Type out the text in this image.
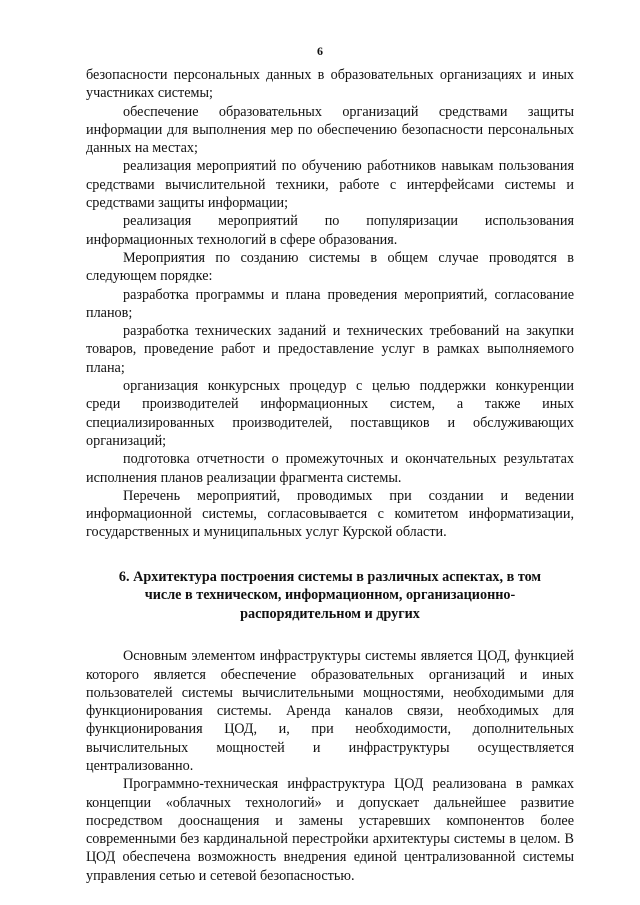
6

безопасности персональных данных в образовательных организациях и иных участниках системы;

обеспечение образовательных организаций средствами защиты информации для выполнения мер по обеспечению безопасности персональных данных на местах;

реализация мероприятий по обучению работников навыкам пользования средствами вычислительной техники, работе с интерфейсами системы и средствами защиты информации;

реализация мероприятий по популяризации использования информационных технологий в сфере образования.

Мероприятия по созданию системы в общем случае проводятся в следующем порядке:

разработка программы и плана проведения мероприятий, согласование планов;

разработка технических заданий и технических требований на закупки товаров, проведение работ и предоставление услуг в рамках выполняемого плана;

организация конкурсных процедур с целью поддержки конкуренции среди производителей информационных систем, а также иных специализированных производителей, поставщиков и обслуживающих организаций;

подготовка отчетности о промежуточных и окончательных результатах исполнения планов реализации фрагмента системы.

Перечень мероприятий, проводимых при создании и ведении информационной системы, согласовывается с комитетом информатизации, государственных и муниципальных услуг Курской области.

6. Архитектура построения системы в различных аспектах, в том
числе в техническом, информационном, организационно-
распорядительном и других

Основным элементом инфраструктуры системы является ЦОД, функцией которого является обеспечение образовательных организаций и иных пользователей системы вычислительными мощностями, необходимыми для функционирования системы. Аренда каналов связи, необходимых для функционирования ЦОД, и, при необходимости, дополнительных вычислительных мощностей и инфраструктуры осуществляется централизованно.

Программно-техническая инфраструктура ЦОД реализована в рамках концепции «облачных технологий» и допускает дальнейшее развитие посредством дооснащения и замены устаревших компонентов более современными без кардинальной перестройки архитектуры системы в целом. В ЦОД обеспечена возможность внедрения единой централизованной системы управления сетью и сетевой безопасностью.
